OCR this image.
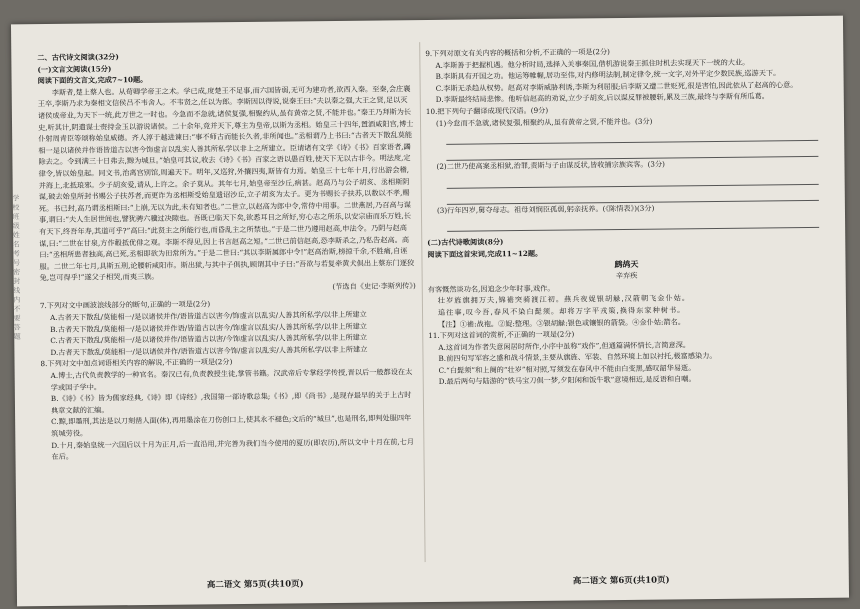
学 校 班 级 姓 名 考 号 密 封 线 内 不 要 答 题

二、古代诗文阅读(32分)

(一)文言文阅读(15分)

阅读下面的文言文,完成7~10题。

李斯者,楚上蔡人也。从荀卿学帝王之术。学已成,度楚王不足事,而六国皆弱,无可为建功者,欲西入秦。至秦,会庄襄王卒,李斯乃求为秦相文信侯吕不韦舍人。不韦贤之,任以为郎。李斯因以得说,说秦王曰:“夫以秦之强,大王之贤,足以灭诸侯成帝业,为天下一统,此万世之一时也。今急而不急就,诸侯复强,相聚约从,虽有黄帝之贤,不能并也。”秦王乃拜斯为长史,听其计,阴遣谋士赍持金玉以游说诸侯。二十余年,竟并天下,尊主为皇帝,以斯为丞相。始皇三十四年,置酒咸阳宫,博士仆射周青臣等颂称始皇威德。齐人淳于越进谏曰:“事不师古而能长久者,非所闻也。”丞相谓乃上书曰:“古者天下散乱莫能相一是以诸侯并作语皆道古以害今饰虚言以乱实人善其所私学以非上之所建立。臣请诸有文学《诗》《书》百家语者,蠲除去之。令到满三十日弗去,黥为城旦。”始皇可其议,收去《诗》《书》百家之语以愚百姓,使天下无以古非今。明法度,定律令,皆以始皇起。同文书,治离宫别馆,周遍天下。明年,又巡狩,外攘四夷,斯皆有力焉。始皇三十七年十月,行出游会稽,并海上,北抵琅邪。少子胡亥爱,请从,上许之。余子莫从。其年七月,始皇帝至沙丘,病甚。赵高乃与公子胡亥、丞相斯阴谋,破去始皇所封书赐公子扶苏者,而更诈为丞相斯受始皇遗诏沙丘,立子胡亥为太子。更为书赐长子扶苏,以数以不孝,赐死。书已封,高乃谓丞相斯曰:“上崩,无以为此,未有知者也。”二世立,以赵高为郎中令,常侍中用事。二世燕居,乃召高与谋事,谓曰:“夫人生居世间也,譬犹骋六骥过决隙也。吾既已临天下矣,欲悉耳目之所好,穷心志之所乐,以安宗庙而乐万姓,长有天下,终吾年寿,其道可乎?”高曰:“此贤主之所能行也,而昏乱主之所禁也。”于是二世乃遵用赵高,申法令。乃阴与赵高谋,曰:“二世在甘泉,方作觳抵优俳之观。李斯不得见,因上书言赵高之短。”二世已前信赵高,恐李斯杀之,乃私告赵高。高曰:“丞相所患者独高,高已死,丞相即欲为田常所为。”于是二世曰:“其以李斯属郎中令!”赵高治斯,榜掠千余,不胜痛,自诬服。二世二年七月,具斯五刑,论腰斩咸阳市。斯出狱,与其中子俱执,顾谓其中子曰:“吾欲与若复牵黄犬俱出上蔡东门逐狡兔,岂可得乎!”遂父子相哭,而夷三族。

(节选自《史记·李斯列传》)

7.下列对文中画波浪线部分的断句,正确的一项是(2分)

A.古者天下散乱/莫能相一/是以诸侯并作/语皆道古以害今/饰虚言以乱实/人善其所私学/以非上所建立

B.古者天下散乱/莫能相一/是以诸侯并作语/皆道古以害今/饰虚言以乱实/人善其所私学/以非上所建立

C.古者天下散乱/莫能相一/是以诸侯并作/语皆道古以害/今饰虚言以乱实/人善其所私学/以非上所建立

D.古者天下散乱/莫能相一/是以诸侯并作/语皆道古以害今饰/虚言以乱实/人善其所私学/以非上所建立

8.下列对文中加点词语相关内容的解说,不正确的一项是(2分)

A.博士,古代负责教学的一种官名。秦汉已有,负责教授生徒,掌管书籍。汉武帝后专掌经学传授,晋以后一般都设在太学或国子学中。

B.《诗》《书》皆为儒家经典,《诗》即《诗经》,我国第一部诗歌总集;《书》,即《尚书》,是现存最早的关于上古时典章文献的汇编。

C.黥,即墨刑,其法是以刀刻凿人面(体),再用墨涂在刀伤创口上,使其永不褪色;文后的“城旦”,也是刑名,即判处服四年筑城劳役。

D.十月,秦始皇统一六国后以十月为正月,后一直沿用,并完善为我们当今使用的夏历(即农历),所以文中十月在前,七月在后。

9.下列对原文有关内容的概括和分析,不正确的一项是(2分)

A.李斯善于把握机遇。他分析时局,选择入关事秦国,借机游说秦王抓住时机去实现天下一统的大业。

B.李斯具有开国之功。他运筹帷幄,居功至伟,对内修明法制,制定律令,统一文字,对外平定少数民族,巡游天下。

C.李斯无杀趋从权势。赵高对李斯威胁利诱,李斯为利屈服;后李斯又遭二世贬死,很是害怕,因此依从了赵高的心意。

D.李斯最终结局悲惨。他听信赵高的劝说,立少子胡亥,后以谋反罪被腰斩,累及三族,最终与李斯有所瓜葛。

10.把下列句子翻译成现代汉语。(9分)

(1)今怠而不急就,诸侯复强,相聚约从,虽有黄帝之贤,不能并也。(3分)

(2)二世乃使高案丞相狱,治罪,责斯与子由谋反状,皆收捕宗族宾客。(3分)

(3)行年四岁,舅夺母志。祖母刘悯臣孤弱,躬亲抚养。(《陈情表》)(3分)

(二)古代诗歌阅读(8分)

阅读下面这首宋词,完成11~12题。

鹧鸪天

辛弃疾

有客慨然谈功名,因追念少年时事,戏作。

壮岁旌旗拥万夫,锦襜突骑渡江初。燕兵夜娖银胡觮,汉箭朝飞金仆姑。

追往事,叹今吾,春风不染白髭须。却将万字平戎策,换得东家种树书。

【注】①襜:战袍。②娖:整理。③银胡觮:银色或镶银的箭袋。④金仆姑:箭名。

11.下列对这首词的赏析,不正确的一项是(2分)

A.这首词为作者失意闲居时所作,小序中虽称“戏作”,但通篇满怀情长,言简意深。

B.前四句写军容之盛和战斗情景,主要从旗旌、军装、自然环境上加以衬托,极富感染力。

C.“白髭须”和上阕的“壮岁”相对照,写须发在春风中不能由白变黑,感叹韶华易逝。

D.最后两句与陆游的“铁马宝刀俱一梦,夕阳闲和饭牛歌”意境相近,是反语和自嘲。

高二语文 第5页(共10页)	高二语文 第6页(共10页)
